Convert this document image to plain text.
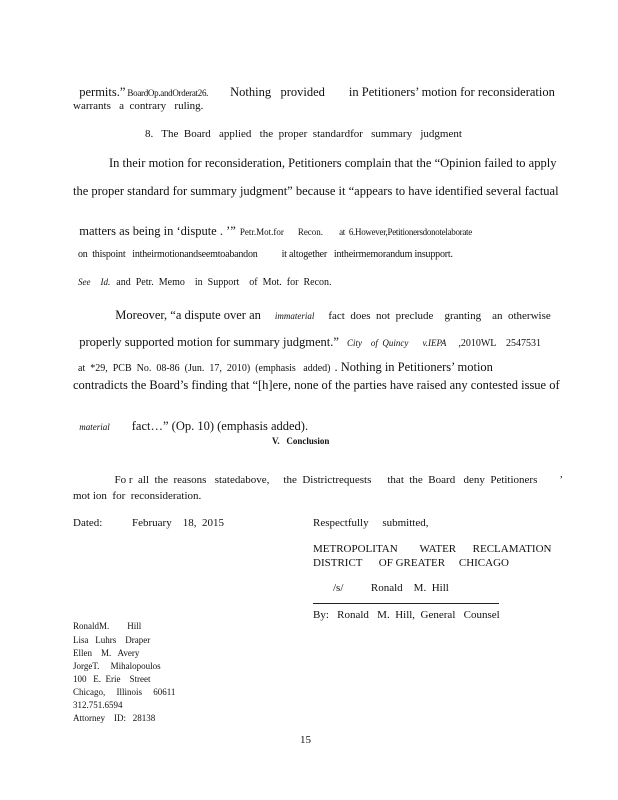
permits.” BoardOp.andOrderat26. Nothing   provided in Petitioners’ motion for reconsideration

warrants   a  contrary   ruling.
8.   The  Board   applied   the  proper  standardfor   summary   judgment
In their motion for reconsideration, Petitioners complain that the “Opinion failed to apply
the proper standard for summary judgment” because it “appears to have identified several factual

matters as being in ‘dispute . ’” Petr.Mot.for Recon. at  6.However,Petitionersdonotelaborate

on  thispoint   intheirmotionandseemtoabandon it altogether   intheirmemorandum insupport.

See Id. and  Petr.  Memo    in  Support    of  Mot.  for  Recon.

Moreover, “a dispute over an immaterial fact  does  not  preclude    granting    an  otherwise

properly supported motion for summary judgment.” City    of  Quincy v.IEPA ,2010WL    2547531

at  *29,  PCB  No.  08-86  (Jun.  17,  2010)  (emphasis   added) . Nothing in Petitioners’ motion

contradicts the Board’s finding that “[h]ere, none of the parties have raised any contested issue of

material fact…” (Op. 10) (emphasis added).

V.   Conclusion

Fo r  all  the  reasons   statedabove, the  Districtrequests that  the  Board   deny  Petitioners ’

mot ion  for  reconsideration.
Dated:	February    18,  2015	Respectfully     submitted,
METROPOLITAN        WATER      RECLAMATION
DISTRICT      OF GREATER     CHICAGO
/s/          Ronald    M.  Hill
By:   Ronald   M.  Hill,  General   Counsel
RonaldM.        Hill
Lisa   Luhrs    Draper
Ellen    M.   Avery
JorgeT.     Mihalopoulos
100   E.  Erie    Street
Chicago,     Illinois     60611
312.751.6594
Attorney    ID:   28138
15
